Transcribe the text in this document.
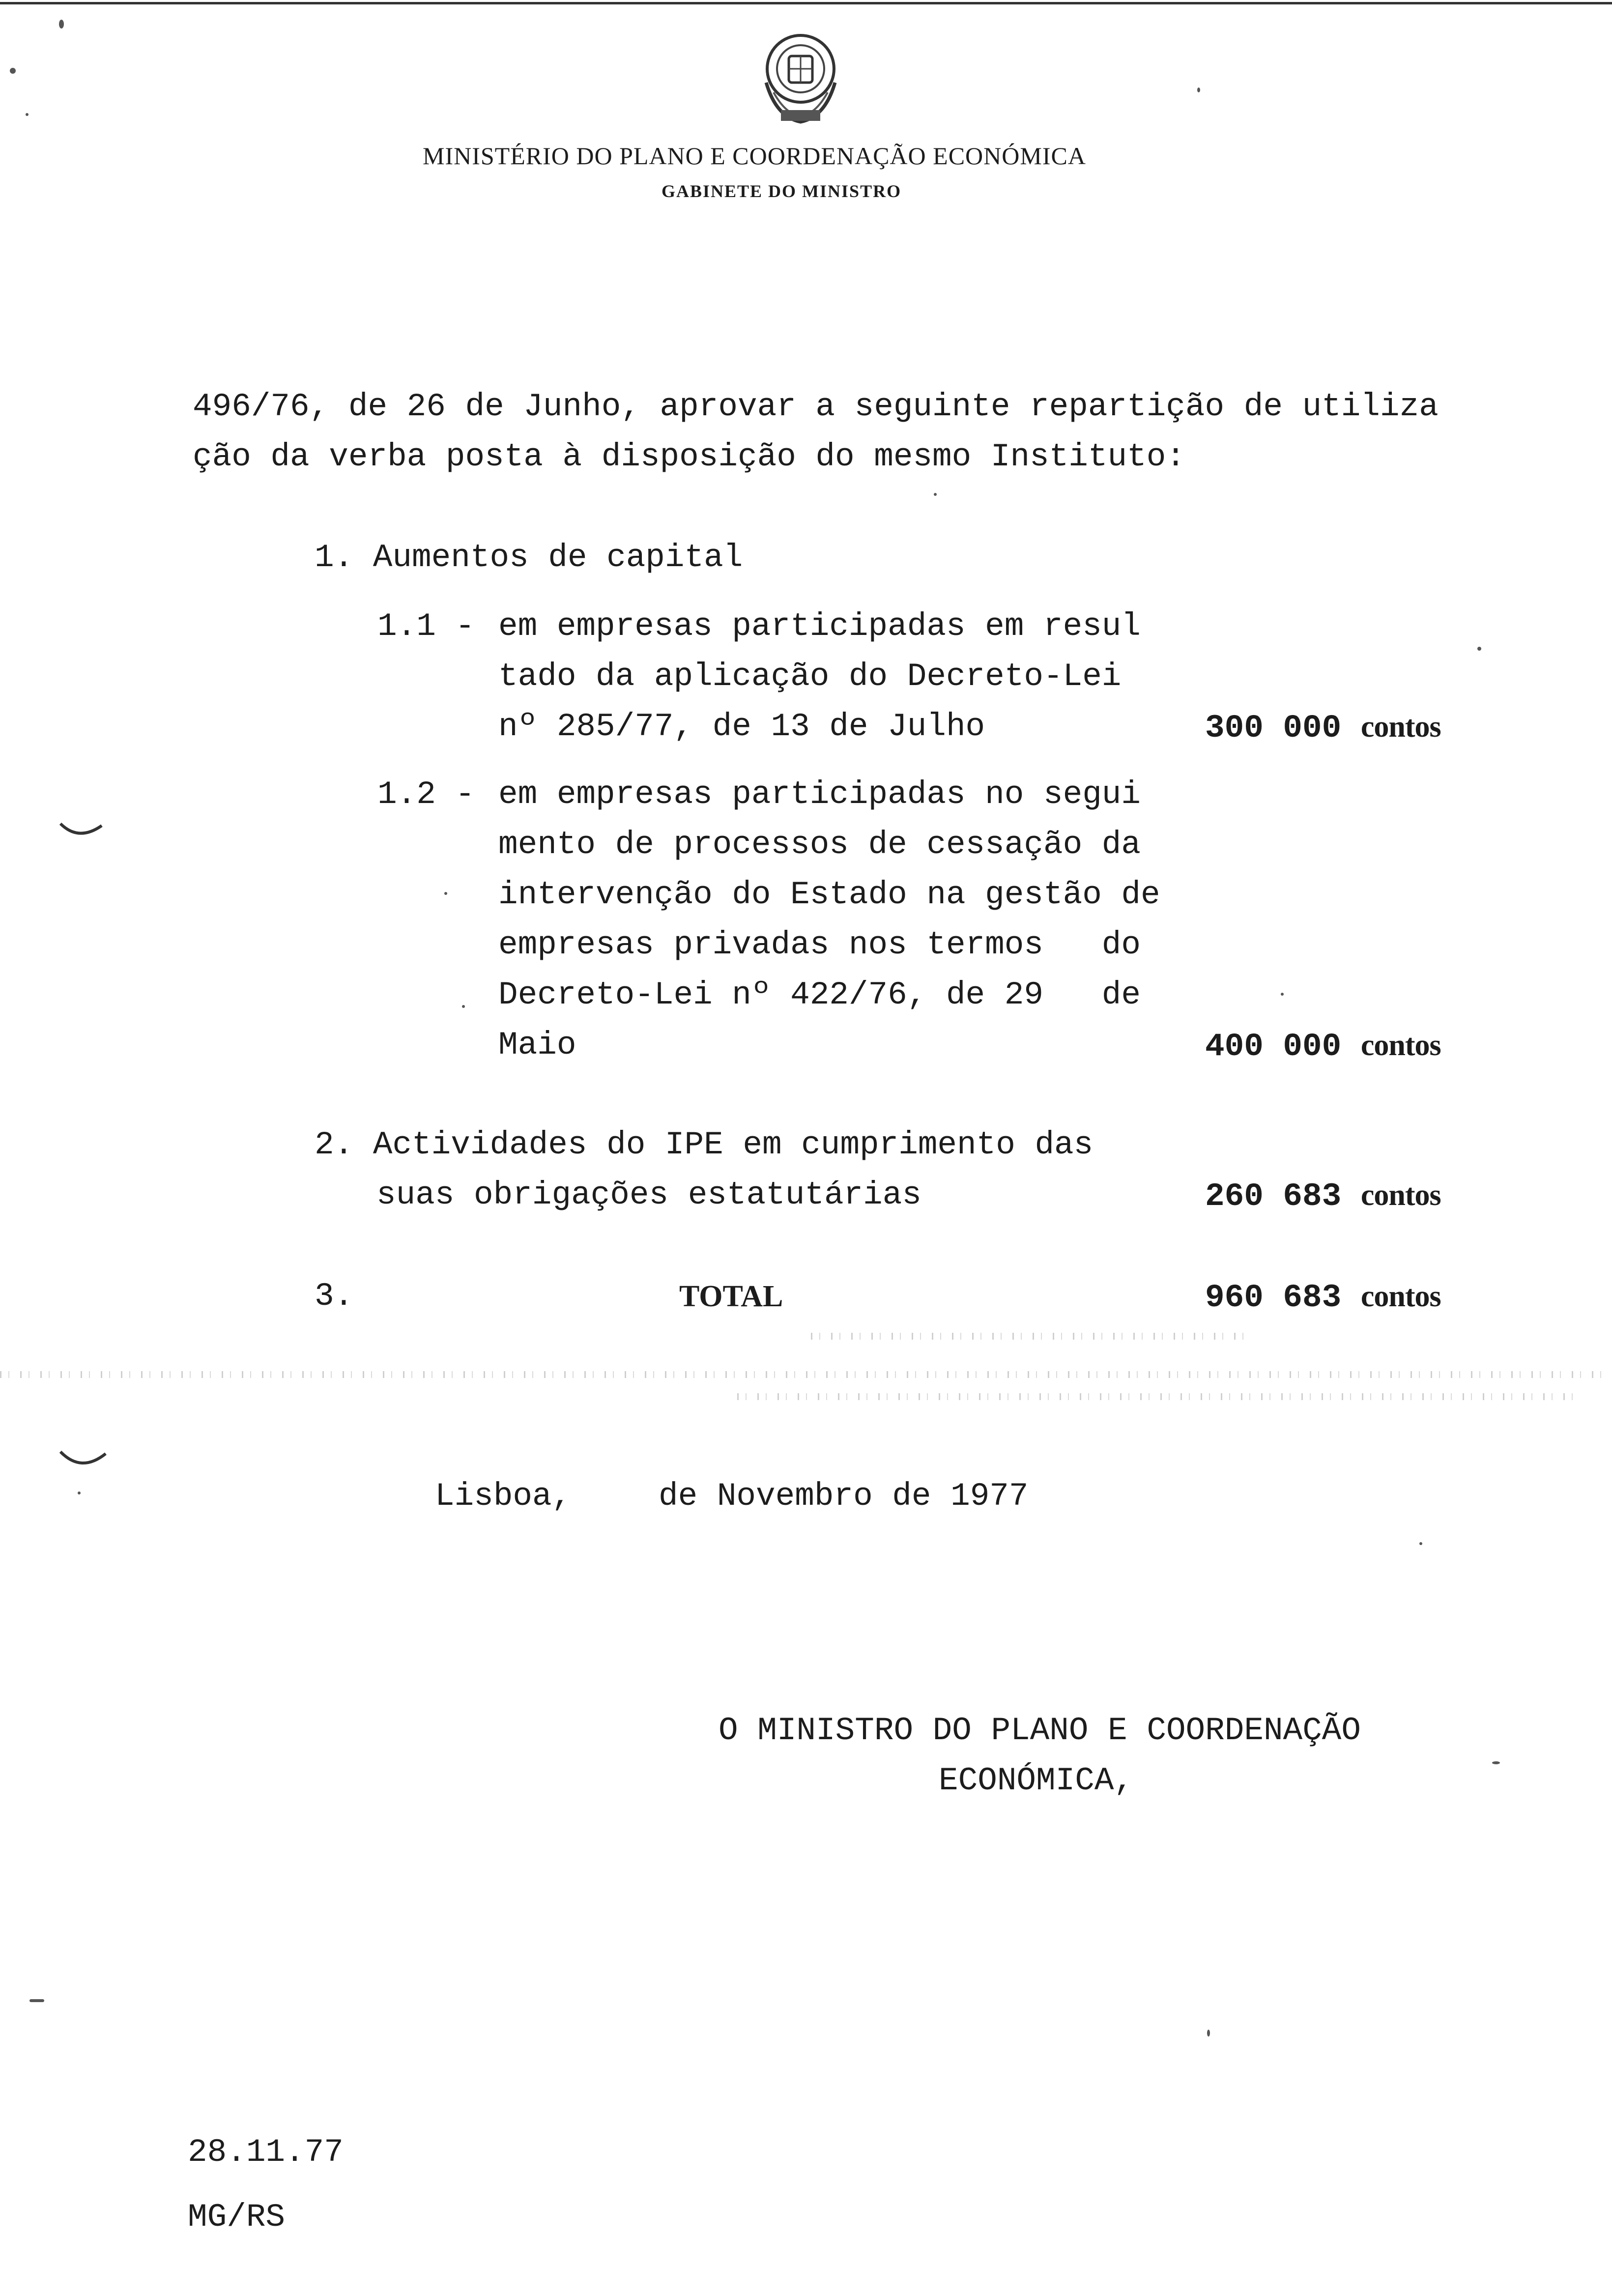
MINISTÉRIO DO PLANO E COORDENAÇÃO ECONÓMICA
GABINETE DO MINISTRO
496/76, de 26 de Junho, aprovar a seguinte repartição de utiliza
ção da verba posta à disposição do mesmo Instituto:
1. Aumentos de capital
1.1 - em empresas participadas em resul
tado da aplicação do Decreto-Lei
nº 285/77, de 13 de Julho	300 000 contos
1.2 - em empresas participadas no segui
mento de processos de cessação da
intervenção do Estado na gestão de
empresas privadas nos termos   do
Decreto-Lei nº 422/76, de 29   de
Maio	400 000 contos
2. Actividades do IPE em cumprimento das
suas obrigações estatutárias	260 683 contos
3.	TOTAL	960 683 contos
Lisboa,	de Novembro de 1977
O MINISTRO DO PLANO E COORDENAÇÃO
ECONÓMICA,
28.11.77
MG/RS
